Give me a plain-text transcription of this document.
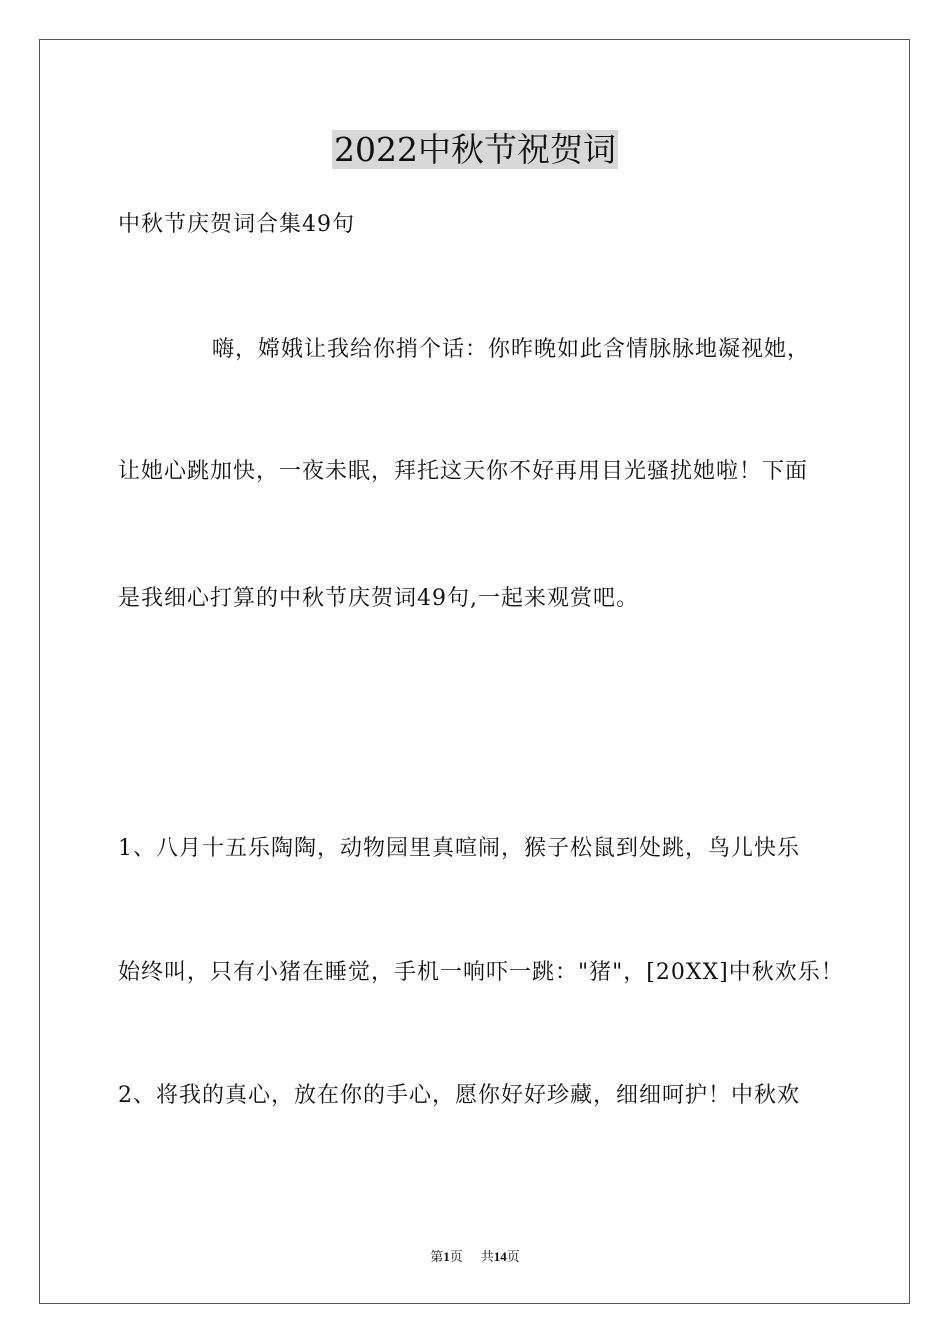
2022中秋节祝贺词
中秋节庆贺词合集49句
嗨，嫦娥让我给你捎个话：你昨晚如此含情脉脉地凝视她，
让她心跳加快，一夜未眠，拜托这天你不好再用目光骚扰她啦！下面
是我细心打算的中秋节庆贺词49句,一起来观赏吧。
1、八月十五乐陶陶，动物园里真喧闹，猴子松鼠到处跳，鸟儿快乐
始终叫，只有小猪在睡觉，手机一响吓一跳："猪"，[20XX]中秋欢乐！
2、将我的真心，放在你的手心，愿你好好珍藏，细细呵护！中秋欢
第1页 共14页
